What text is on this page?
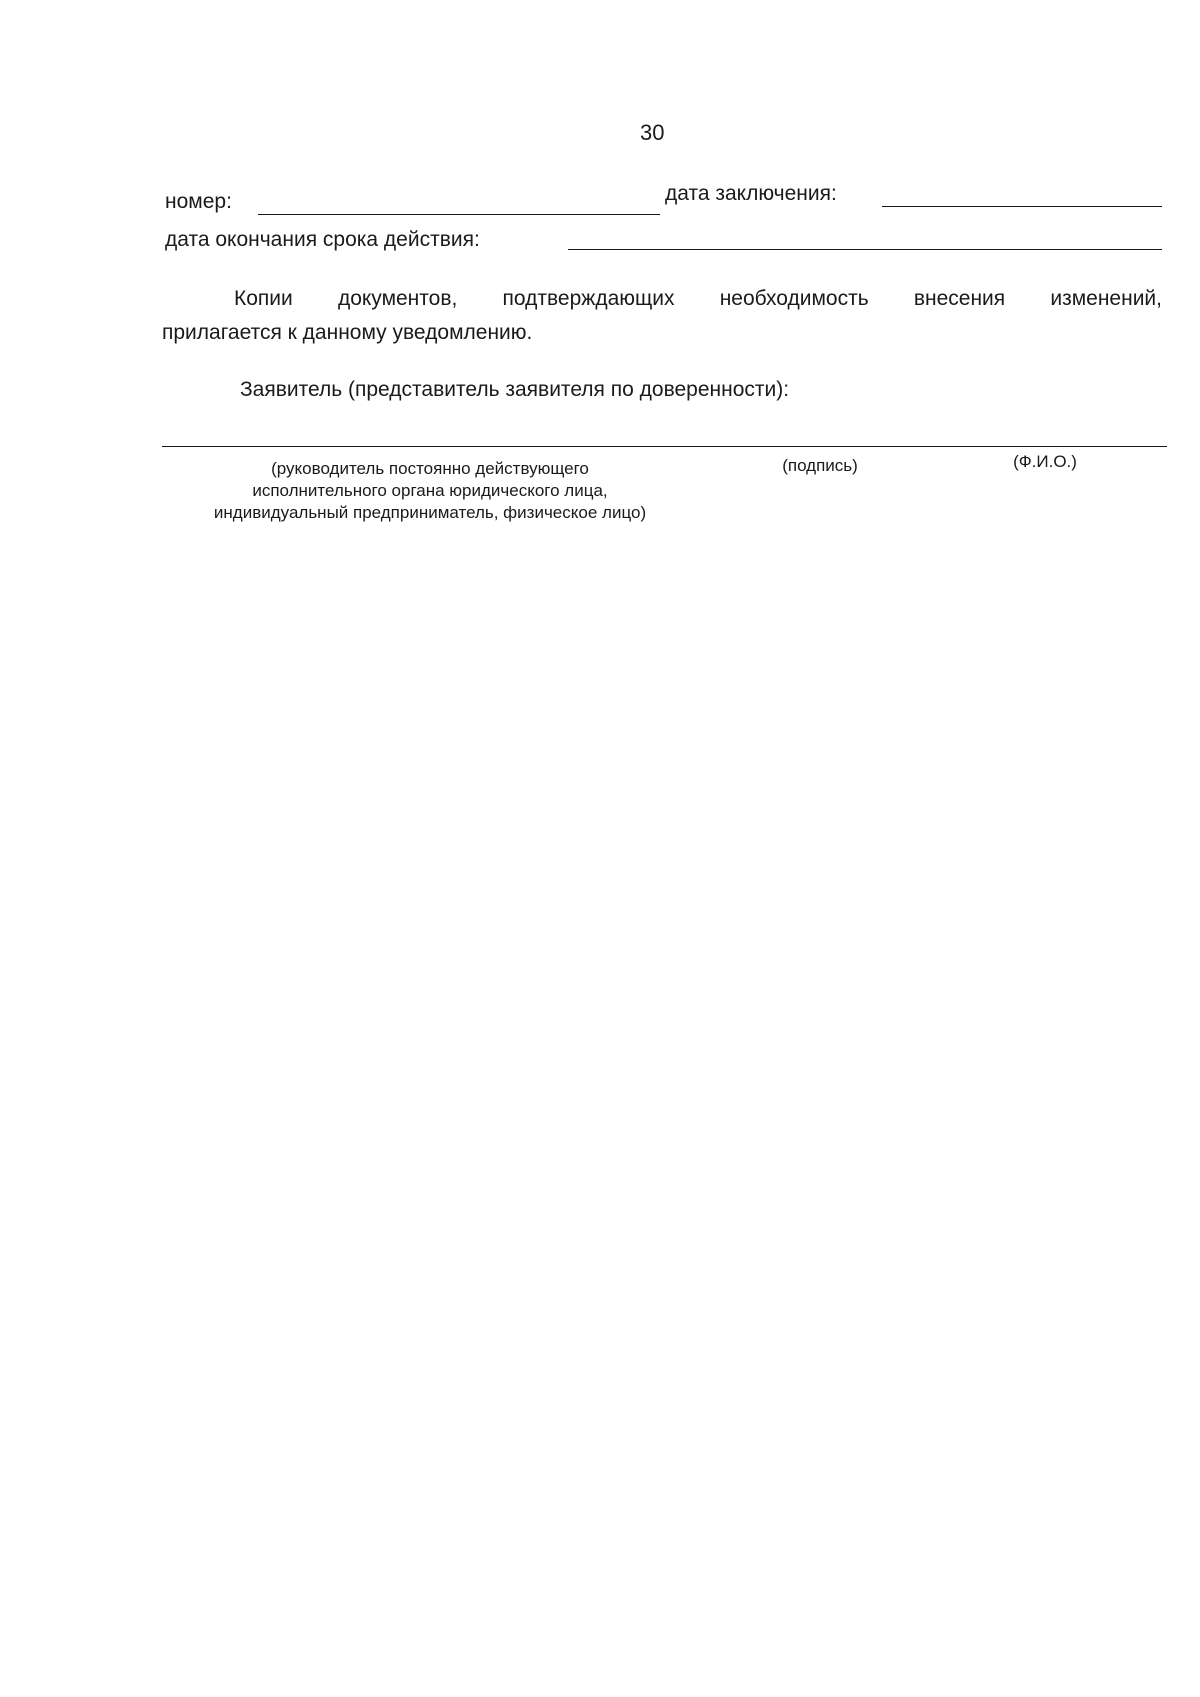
30
номер:	дата заключения:
дата окончания срока действия:
Копии документов, подтверждающих необходимость внесения изменений,
прилагается к данному уведомлению.
Заявитель (представитель заявителя по доверенности):
(руководитель постоянно действующего
исполнительного органа юридического лица,
индивидуальный предприниматель, физическое лицо)
(подпись)	(Ф.И.О.)
